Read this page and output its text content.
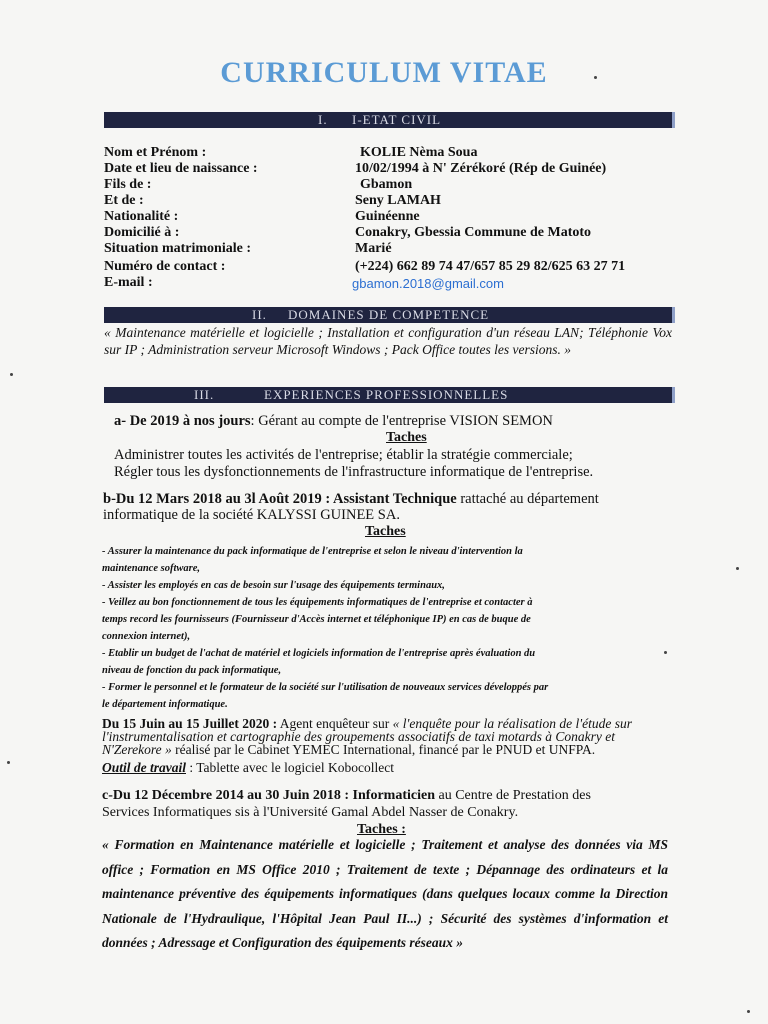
CURRICULUM VITAE
I. I-ETAT CIVIL
Nom et Prénom :
Date et lieu de naissance :
Fils de :
Et de :
Nationalité :
Domicilié à :
Situation matrimoniale :
Numéro de contact :
E-mail :
KOLIE Nèma Soua
10/02/1994 à N' Zérékoré (Rép de Guinée)
Gbamon
Seny LAMAH
Guinéenne
Conakry, Gbessia Commune de Matoto
Marié
(+224) 662 89 74 47/657 85 29 82/625 63 27 71
gbamon.2018@gmail.com
II. DOMAINES DE COMPETENCE
« Maintenance matérielle et logicielle ; Installation et configuration d'un réseau LAN; Téléphonie Vox sur IP ; Administration serveur Microsoft Windows ; Pack Office toutes les versions. »
III.	EXPERIENCES PROFESSIONNELLES
a- De 2019 à nos jours: Gérant au compte de l'entreprise VISION SEMON
Taches
Administrer toutes les activités de l'entreprise; établir la stratégie commerciale;
Régler tous les dysfonctionnements de l'infrastructure informatique de l'entreprise.
b-Du 12 Mars 2018 au 3l Août 2019 : Assistant Technique rattaché au département
informatique de la société KALYSSI GUINEE SA.
Taches
- Assurer la maintenance du pack informatique de l'entreprise et selon le niveau d'intervention la
maintenance software,
- Assister les employés en cas de besoin sur l'usage des équipements terminaux,
- Veillez au bon fonctionnement de tous les équipements informatiques de l'entreprise et contacter à
temps record les fournisseurs (Fournisseur d'Accès internet et téléphonique IP) en cas de buque de
connexion internet),
- Etablir un budget de l'achat de matériel et logiciels information de l'entreprise après évaluation du
niveau de fonction du pack informatique,
- Former le personnel et le formateur de la société sur l'utilisation de nouveaux services développés par
le département informatique.
Du 15 Juin au 15 Juillet 2020 : Agent enquêteur sur « l'enquête pour la réalisation de l'étude sur l'instrumentalisation et cartographie des groupements associatifs de taxi motards à Conakry et N'Zerekore » réalisé par le Cabinet YEMEC International, financé par le PNUD et UNFPA.
Outil de travail : Tablette avec le logiciel Kobocollect
c-Du 12 Décembre 2014 au 30 Juin 2018 : Informaticien au Centre de Prestation des
Services Informatiques sis à l'Université Gamal Abdel Nasser de Conakry.
Taches :
« Formation en Maintenance matérielle et logicielle ; Traitement et analyse des données via MS office ; Formation en MS Office 2010 ; Traitement de texte ; Dépannage des ordinateurs et la maintenance préventive des équipements informatiques (dans quelques locaux comme la Direction Nationale de l'Hydraulique, l'Hôpital Jean Paul II...) ; Sécurité des systèmes d'information et données ; Adressage et Configuration des équipements réseaux »
